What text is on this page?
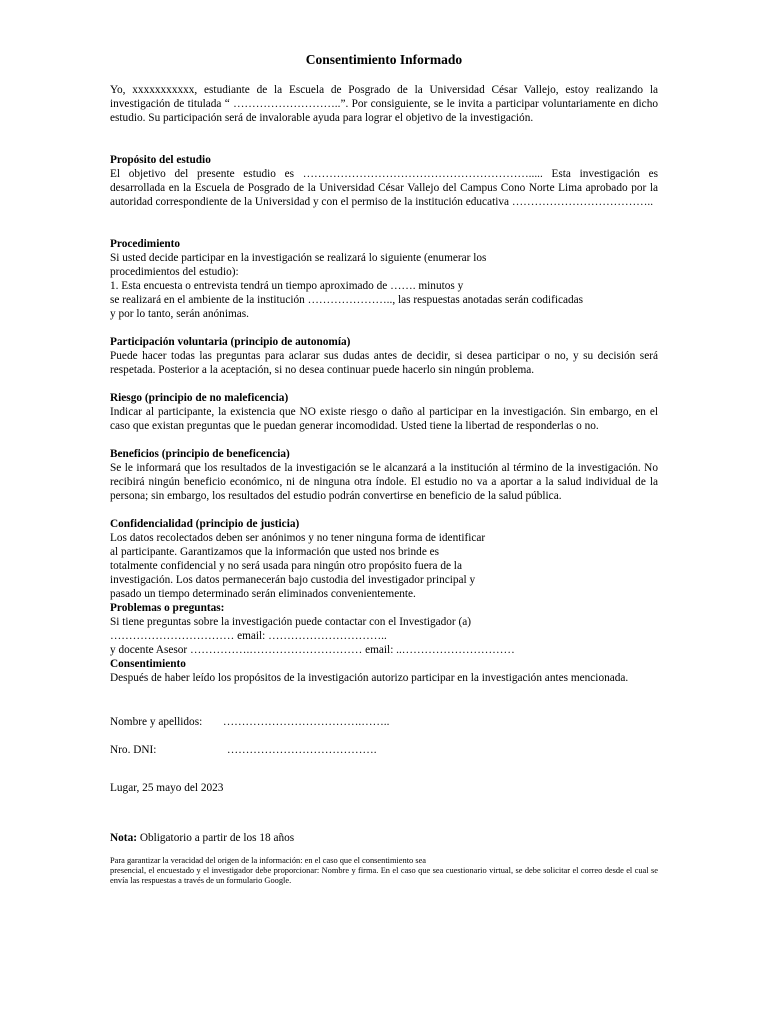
Consentimiento Informado

Yo, xxxxxxxxxxx, estudiante de la Escuela de Posgrado de la Universidad César Vallejo, estoy realizando la investigación de titulada “ ………………………..”. Por consiguiente, se le invita a participar voluntariamente en dicho estudio. Su participación será de invalorable ayuda para lograr el objetivo de la investigación.

Propósito del estudio

El objetivo del presente estudio es ……………………………………………………..... Esta investigación es desarrollada en la Escuela de Posgrado de la Universidad César Vallejo del Campus Cono Norte Lima aprobado por la autoridad correspondiente de la Universidad y con el permiso de la institución educativa ………………………………..

Procedimiento
Si usted decide participar en la investigación se realizará lo siguiente (enumerar los
procedimientos del estudio):
1. Esta encuesta o entrevista tendrá un tiempo aproximado de ……. minutos y
se realizará en el ambiente de la institución ………………….., las respuestas anotadas serán codificadas
y por lo tanto, serán anónimas.
Participación voluntaria (principio de autonomía)

Puede hacer todas las preguntas para aclarar sus dudas antes de decidir, si desea participar o no, y su decisión será respetada. Posterior a la aceptación, si no desea continuar puede hacerlo sin ningún problema.

Riesgo (principio de no maleficencia)

Indicar al participante, la existencia que NO existe riesgo o daño al participar en la investigación. Sin embargo, en el caso que existan preguntas que le puedan generar incomodidad. Usted tiene la libertad de responderlas o no.

Beneficios (principio de beneficencia)

Se le informará que los resultados de la investigación se le alcanzará a la institución al término de la investigación. No recibirá ningún beneficio económico, ni de ninguna otra índole. El estudio no va a aportar a la salud individual de la persona; sin embargo, los resultados del estudio podrán convertirse en beneficio de la salud pública.

Confidencialidad (principio de justicia)
Los datos recolectados deben ser anónimos y no tener ninguna forma de identificar
al participante. Garantizamos que la información que usted nos brinde es
totalmente confidencial y no será usada para ningún otro propósito fuera de la
investigación. Los datos permanecerán bajo custodia del investigador principal y
pasado un tiempo determinado serán eliminados convenientemente.
Problemas o preguntas:
Si tiene preguntas sobre la investigación puede contactar con el Investigador (a)
…………………………… email: …………………………..
y docente Asesor …………….………………………… email: ..…………………………
Consentimiento

Después de haber leído los propósitos de la investigación autorizo participar en la investigación antes mencionada.

Nombre y apellidos: ……………………………….……..
Nro. DNI:	………………………………….
Lugar, 25 mayo del 2023
Nota: Obligatorio a partir de los 18 años
Para garantizar la veracidad del origen de la información: en el caso que el consentimiento sea

presencial, el encuestado y el investigador debe proporcionar: Nombre y firma. En el caso que sea cuestionario virtual, se debe solicitar el correo desde el cual se envía las respuestas a través de un formulario Google.
